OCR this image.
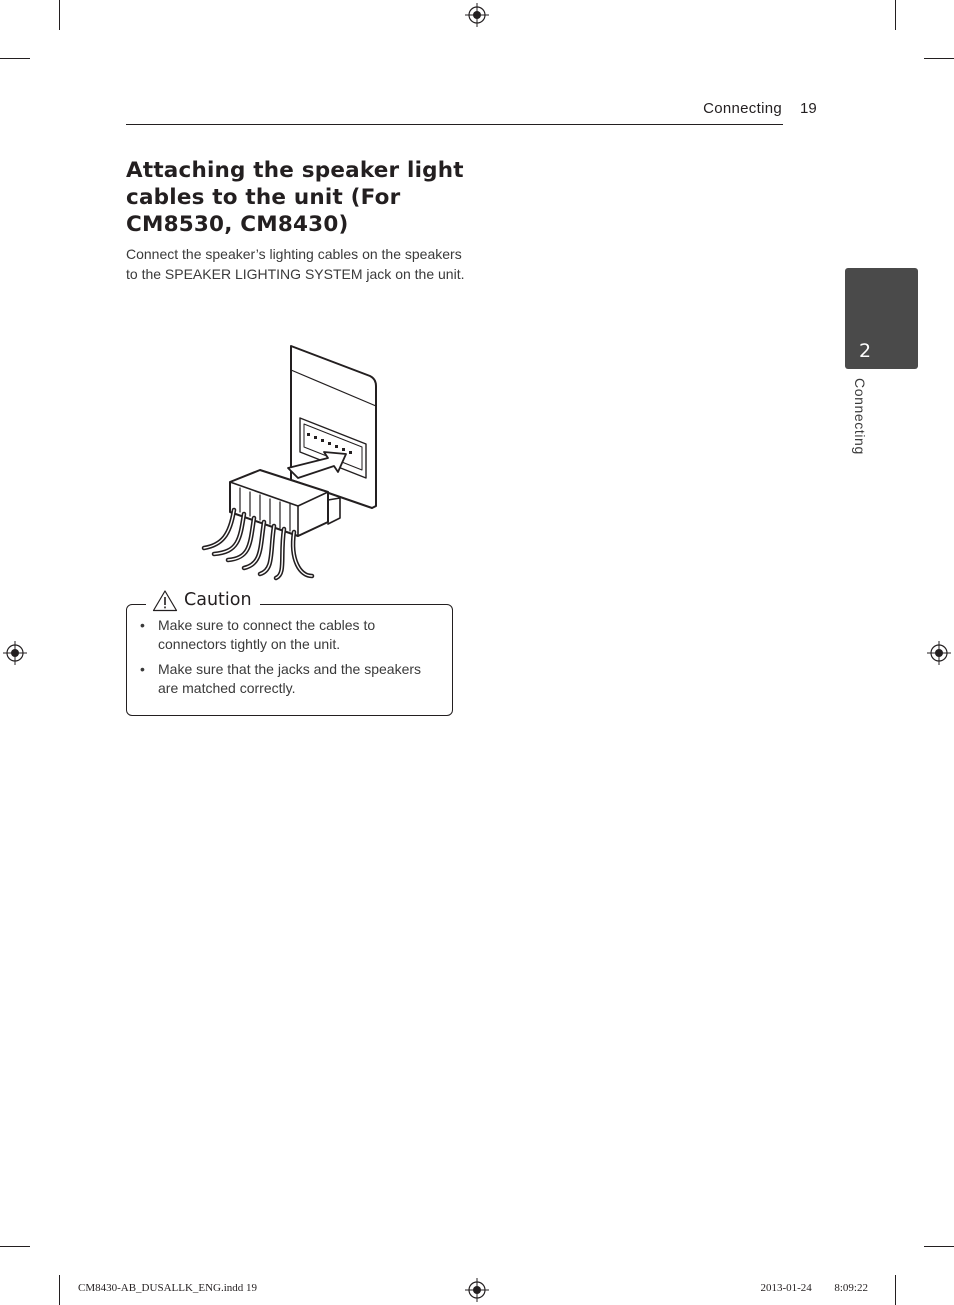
Connecting 19
Attaching the speaker light cables to the unit (For CM8530, CM8430)

Connect the speaker’s lighting cables on the speakers to the SPEAKER LIGHTING SYSTEM jack on the unit.

Caution
• Make sure to connect the cables to connectors tightly on the unit.
• Make sure that the jacks and the speakers are matched correctly.
2
Connecting
CM8430-AB_DUSALLK_ENG.indd 19	2013-01-24 ￿￿ 8:09:22
